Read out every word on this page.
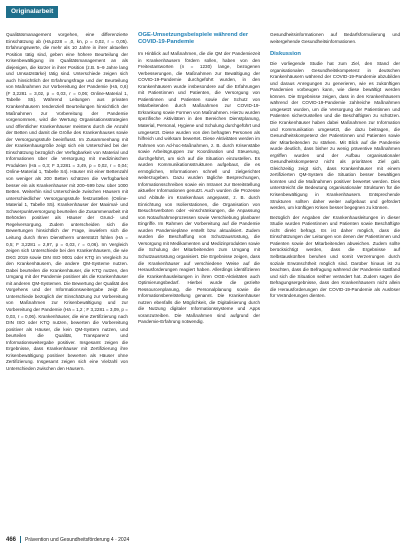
Originalarbeit
Qualitätsmanagement vorgehen, eine differenzierte Einschätzung ab (Hä,p228 = ,0, kn, p = 0,02, r = 0,05). Erfahrungswerte, die mehr als 10 Jahre in ihrer aktuellen Position tätig sind, geben eine höhere Beurteilung der Krisenbewältigung im Qualitätsmanagement an als diejenigen, die kürzer in ihrer Position (z.B. 5–9 Jahre lang und Umsatzstärke) tätig sind. Unterschiede zeigen sich auch hinsichtlich der Erfahrungsfrage und der Beurteilung von Maßnahmen zur Vorbereitung der Pandemie (Hä, 0,6) (F 3,2281 = 3,02, p = 0,03, r = 0,06; Online-Material 1, Tabelle S5). Während Leitungen aus privaten Krankenhäusern tendenziell Beurteilungen hinsichtlich der Maßnahmen zur Vorbereitung der Pandemie vorgenommen, wird die Wertung Organisationsstrategien und öffentlicher Krankenhäuser meistens durch die Anzahl der Betten und damit die Größe des Krankenhauses sowie der Versorgungsstufe beeinflusst. Im Zusammenhang mit der Krankenhausgröße zeigt sich ein Unterschied bei der Einschätzung bezüglich der Verfügbarkeit von Material und Informationen über die Versorgung mit medizinischen Produkten (Hä = 0,3; F 3,2281 = 3,49, p = 0,02, r = 0,04; Online-Material 1, Tabelle S4). Häuser mit einer Bettenzahl von weniger als 200 Betten schätzen die Verfügbarkeit besser ein als Krankenhäuser mit 200–599 bzw. über 1000 Betten. Weiterhin sind Unterschiede zwischen Häusern mit unterschiedlicher Versorgungsstufe festzustellen (Online-Material 1, Tabelle S5). Krankenhäuser der Maximal- und Schwerpunktversorgung beurteilen die Zusammenarbeit mit Behörden positiver als Häuser der Grund- und Regelversorgung. Zudem unterscheiden sich die Bewertungen hinsichtlich der Frage, inwiefern sich die Leitung durch Ihren Dienstherrn unterstützt fühlen (Hä = 0,5; F 3,2281 = 2,97, p = 0,03, r = 0,06). Im Vergleich zeigen sich Unterschiede bei den Krankenhäusern, die wie DKG 2019 sowie DIN ISO 9001 oder KTQ im Vergleich zu den Krankenhäusern, die andere QM-Systeme nutzen. Dabei beurteilen die Krankenhäuser, die KTQ nutzen, den Umgang mit der Pandemie positiver als die Krankenhäuser mit anderen QM-Systemen. Die Bewertung der Qualität des Vorgehens und der Informationsweitergabe zeigt die Unterschiede bezüglich der Einschätzung zur Vorbereitung von Maßnahmen zur Krisenbewältigung und zur Vorbereitung der Pandemie (Hä = 1,2 ; F 3,2281 = 3,09, p = 0,03, r = 0,06). Krankenhäuser, die eine Zertifizierung nach DIN ISO oder KTQ nutzen, bewerten die Vorbereitung positiver als Häuser, die kein QM-System nutzen, und beurteilen die Qualität, Transparenz und Informationsweitergabe positiver. Insgesamt zeigen die Ergebnisse, dass Krankenhäuser mit Zertifizierung ihre Krisenbewältigung positiver bewerten als Häuser ohne Zertifizierung. Insgesamt zeigen sich eine Vielzahl von Unterschieden zwischen den Häusern.
OGE-Umsetzungsbeispiele während der COVID-19-Pandemie
Im Hinblick auf Maßnahmen, die die QM der Pandemiezeit in Krankenhäusern fördern sollen, haben von den Freitextantworten (n = 1230) lange, bezogenen Verbesserungen, die Maßnahmen zur Bewältigung der COVID-19-Pandemie durchgeführt wurden, in den Krankenhäusern wurde insbesondere auf die Erfahrungen mit Patientinnen und Patienten, die Versorgung von Patientinnen und Patienten sowie der Schutz von Mitarbeitenden durch Maßnahmen zur COVID-19-Erkrankung sowie Formen von Maßnahmen. Hierzu wurden spezifische Aktivitäten in den Bereichen Dienstplanung, Material, Personal, Hygiene und Schulung durchgeführt und umgesetzt. Diese wurden von den befragten Personen als hilfreich und wirksam bewertet. Diese Aktivitäten werden im Rahmen von Ad-hoc-Maßnahmen, z. B. durch Krisenstäbe sowie Arbeitsgruppen zur Koordination und Steuerung, durchgeführt, um sich auf die Situation einzustellen. Es wurden Kommunikationsstrukturen aufgebaut, die es ermöglichen, Informationen schnell und zielgerichtet weiterzugeben. Dazu wurden tägliche Besprechungen, Informationsschreiben sowie ein Intranet zur Bereitstellung aktueller Informationen genutzt. Auch wurden die Prozesse und Abläufe im Krankenhaus angepasst, z. B. durch Einrichtung von Isolierstationen, die Organisation von Besuchsverboten oder -einschränkungen, die Anpassung von Notaufnahmeprozessen sowie Verschiebung planbarer Eingriffe. Im Rahmen der Vorbereitung auf die Pandemie wurden Pandemiepläne erstellt bzw. aktualisiert. Zudem wurden die Beschaffung von Schutzausrüstung, die Versorgung mit Medikamenten und Medizinprodukten sowie die Schulung der Mitarbeitenden zum Umgang mit Schutzausrüstung organisiert. Die Ergebnisse zeigen, dass die Krankenhäuser auf verschiedene Weise auf die Herausforderungen reagiert haben. Allerdings identifizieren die Krankenhausleitungen in ihren OGE-Aktivitäten auch Optimierungsbedarf. Hierbei wurde die gezielte Ressourcenplanung, die Personalplanung sowie die Informationsbereitstellung genannt. Die Krankenhäuser nutzen ebenfalls die Möglichkeit, die Digitalisierung durch die Nutzung digitaler Informationssysteme und Apps voranzutreiben. Die Maßnahmen sind aufgrund der Pandemie-Erfahrung notwendig.
Gesundheitsinformationen auf Bedarfsformulierung und weitergehende Gesundheitsinformationen.
Diskussion
Die vorliegende Studie hat zum Ziel, den Stand der organisationalen Gesundheitskompetenz in deutschen Krankenhäusern während der COVID-19-Pandemie abzubilden und daraus Anregungen zu generieren, wie es zukünftigen Pandemien vorbeugen kann, wie diese bewältigt werden können. Die Ergebnisse zeigen, dass in den Krankenhäusern während der COVID-19-Pandemie zahlreiche Maßnahmen umgesetzt wurden, um die Versorgung der Patientinnen und Patienten sicherzustellen und die Beschäftigten zu schützen. Die Krankenhäuser haben dabei Maßnahmen zur Information und Kommunikation umgesetzt, die dazu beitragen, die Gesundheitskompetenz der Patientinnen und Patienten sowie der Mitarbeitenden zu stärken. Mit Blick auf die Pandemie wurde deutlich, dass bisher zu wenig präventive Maßnahmen ergriffen wurden und der Aufbau organisationaler Gesundheitskompetenz nicht als prioritäres Ziel galt. Gleichzeitig zeigt sich, dass Krankenhäuser mit einem zertifizierten QM-System die Situation besser bewältigen konnten und die Maßnahmen positiver bewertet werden. Dies unterstreicht die Bedeutung organisationaler Strukturen für die Krisenbewältigung in Krankenhäusern. Entsprechende Strukturen sollten daher weiter aufgebaut und gefördert werden, um künftigen Krisen besser begegnen zu können.
Bezüglich der Angaben der Krankenhausleitungen in dieser Studie wurden Patientinnen und Patienten sowie Beschäftigte nicht direkt befragt. Es ist daher möglich, dass die Einschätzungen der Leitungen von denen der Patientinnen und Patienten sowie der Mitarbeitenden abweichen. Zudem sollte berücksichtigt werden, dass die Ergebnisse auf Selbstauskünften beruhen und somit Verzerrungen durch soziale Erwünschtheit möglich sind. Darüber hinaus ist zu beachten, dass die Befragung während der Pandemie stattfand und sich die Situation seither verändert hat. Zudem sagen die Befragungsergebnisse, dass den Krankenhäusern nicht allein die Herausforderungen der COVID-19-Pandemie als Auslöser für Veränderungen dienten.
466 Prävention und Gesundheitsförderung 4 · 2024
